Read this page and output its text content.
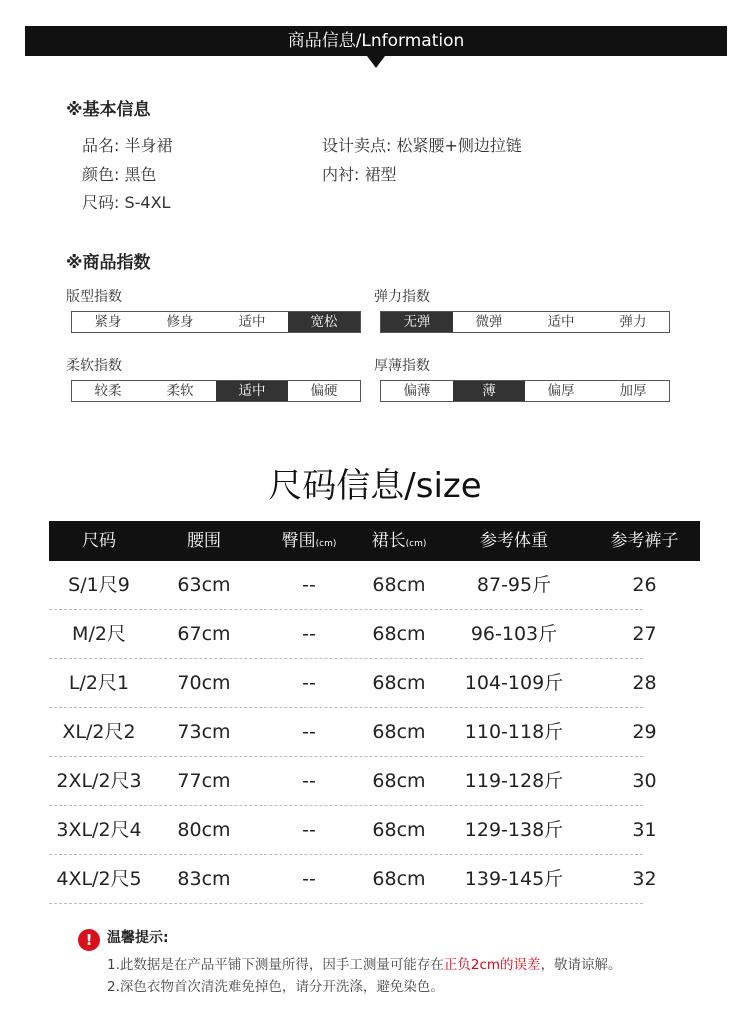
商品信息/Lnformation
※基本信息
品名: 半身裙
颜色: 黑色
尺码: S-4XL
设计卖点: 松紧腰+侧边拉链
内衬: 裙型
※商品指数
版型指数
紧身	修身	适中	宽松
弹力指数
无弹	微弹	适中	弹力
柔软指数
较柔	柔软	适中	偏硬
厚薄指数
偏薄	薄	偏厚	加厚
尺码信息/size
尺码	腰围	臀围(cm)	裙长(cm)	参考体重	参考裤子
S/1尺9	63cm	--	68cm	87-95斤	26
M/2尺	67cm	--	68cm	96-103斤	27
L/2尺1	70cm	--	68cm	104-109斤	28
XL/2尺2	73cm	--	68cm	110-118斤	29
2XL/2尺3	77cm	--	68cm	119-128斤	30
3XL/2尺4	80cm	--	68cm	129-138斤	31
4XL/2尺5	83cm	--	68cm	139-145斤	32
!	温馨提示:
1.此数据是在产品平铺下测量所得，因手工测量可能存在正负2cm的误差，敬请谅解。
2.深色衣物首次清洗难免掉色，请分开洗涤，避免染色。
